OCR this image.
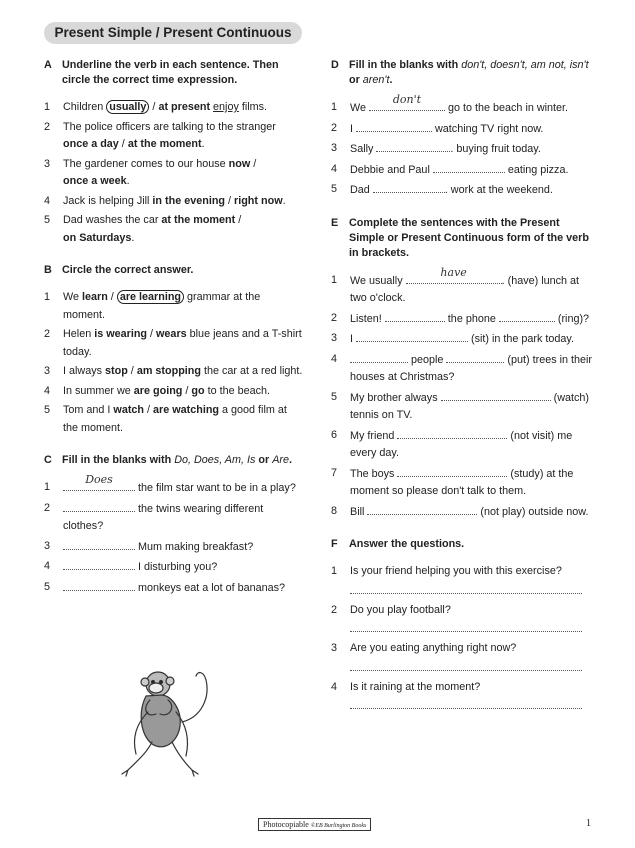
Present Simple / Present Continuous
A Underline the verb in each sentence. Then circle the correct time expression.
1	Children usually / at present enjoy films.
2	The police officers are talking to the stranger once a day / at the moment.
3	The gardener comes to our house now /
once a week.
4	Jack is helping Jill in the evening / right now.
5	Dad washes the car at the moment /
on Saturdays.
B Circle the correct answer.
1	We learn / are learning grammar at the moment.
2	Helen is wearing / wears blue jeans and a T-shirt today.
3	I always stop / am stopping the car at a red light.
4	In summer we are going / go to the beach.
5	Tom and I watch / are watching a good film at the moment.
C Fill in the blanks with Do, Does, Am, Is or Are.
1
Does
the film star want to be in a play?
2	the twins wearing different clothes?
3	Mum making breakfast?
4	I disturbing you?
5	monkeys eat a lot of bananas?
D Fill in the blanks with don't, doesn't, am not, isn't or aren't.
1	We
don't
go to the beach in winter.
2	I	watching TV right now.
3	Sally	. buying fruit today.
4	Debbie and Paul	eating pizza.
5	Dad	. work at the weekend.
E Complete the sentences with the Present Simple or Present Continuous form of the verb in brackets.
1	We usually
have
. (have) lunch at two o'clock.
2	Listen!	the phone	(ring)?
3	I	(sit) in the park today.
4	people	(put) trees in their houses at Christmas?
5	My brother always	(watch) tennis on TV.
6	My friend	(not visit) me every day.
7	The boys	(study) at the moment so please don't talk to them.
8	Bill	(not play) outside now.
F	Answer the questions.
1	Is your friend helping you with this exercise?
2	Do you play football?
3	Are you eating anything right now?
4	Is it raining at the moment?
Photocopiable ©EB Burlington Books	1
